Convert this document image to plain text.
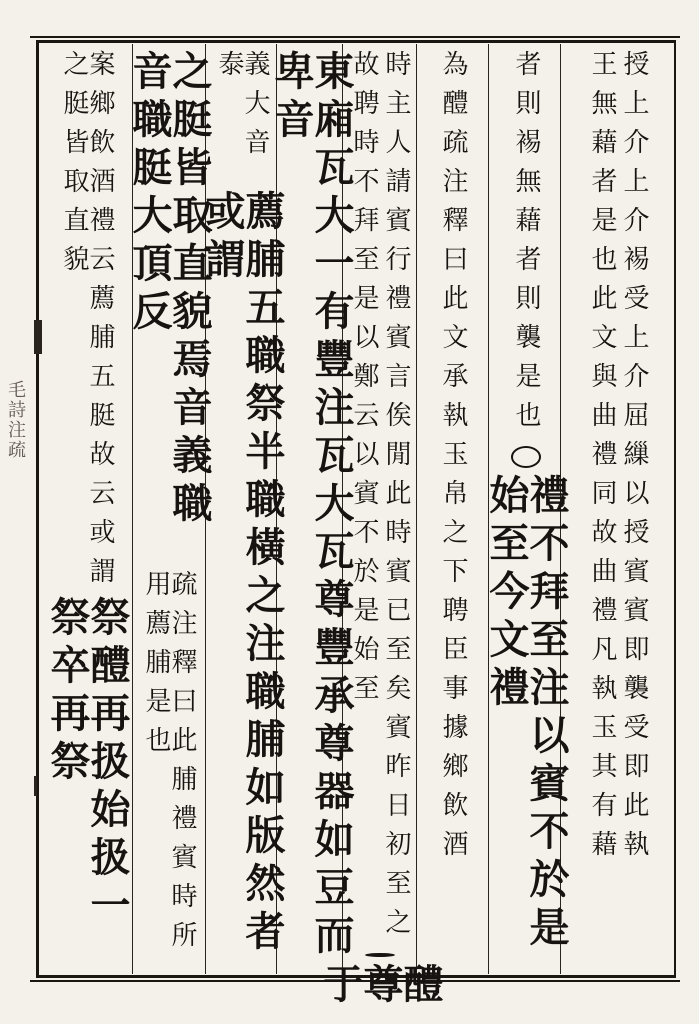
毛詩注疏	授上介上介裼受上介屈繅以授賓賓即襲受即此執
王無藉者是也此文與曲禮同故曲禮凡執玉其有藉
者則裼無藉者則襲是也
禮不拜至注以賓不於是始至今文禮
為醴疏注釋曰此文承執玉帛之下聘臣事據鄉飲酒
時主人請賓行禮賓言俟閒此時賓已至矣賓昨日初至之
故聘時不拜至是以鄭云以賓不於是始至
醴尊于
東廂瓦大一有豐注瓦大瓦尊豐承尊器如豆而卑音
義大音泰
薦脯五職祭半職橫之注職脯如版然者或謂
之脡皆取直貌焉音義職音職脡大頂反
疏注釋曰此脯禮賓時所用薦脯是也
案鄉飲酒禮云薦脯五脡故云或謂之脡皆取直貌
祭醴再扱始扱一祭卒再祭
